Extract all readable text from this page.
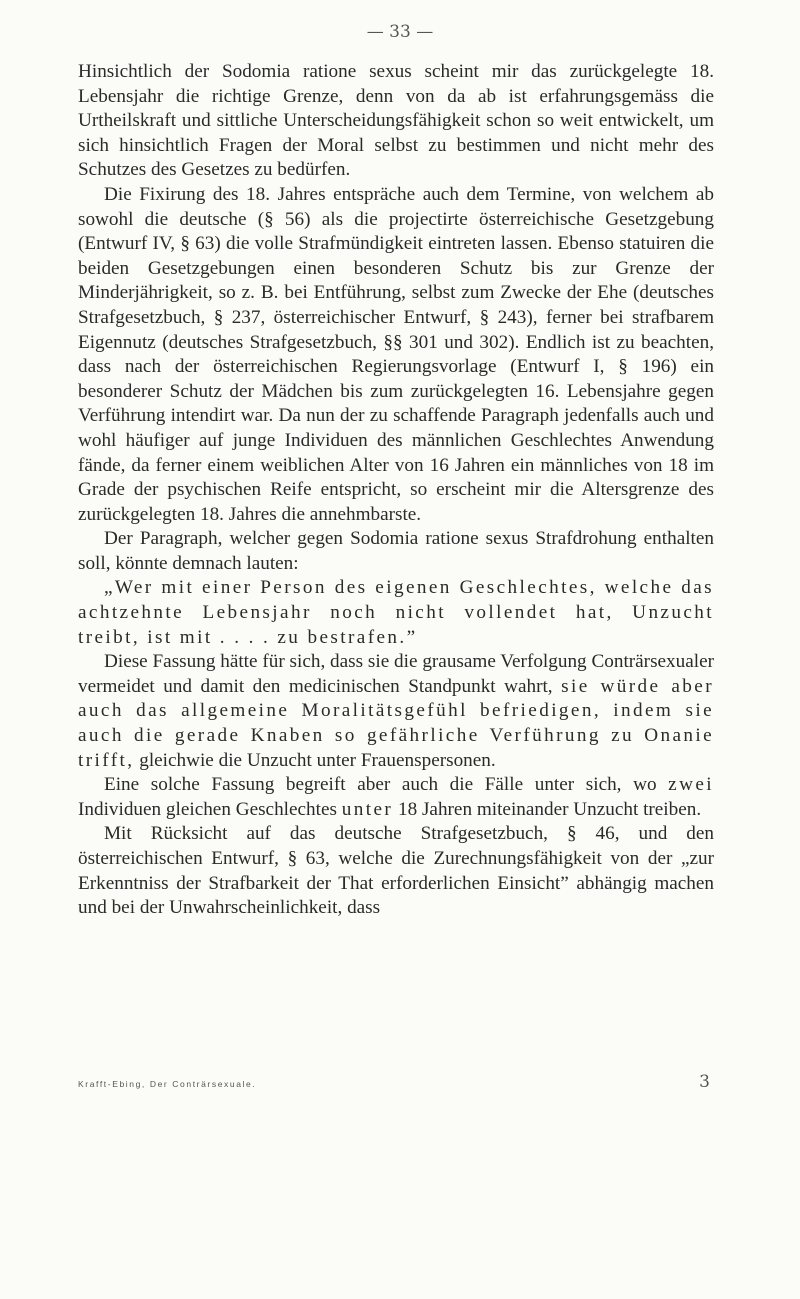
— 33 —

Hinsichtlich der Sodomia ratione sexus scheint mir das zurückgelegte 18. Lebensjahr die richtige Grenze, denn von da ab ist erfahrungsgemäss die Urtheilskraft und sittliche Unterscheidungsfähigkeit schon so weit entwickelt, um sich hinsichtlich Fragen der Moral selbst zu bestimmen und nicht mehr des Schutzes des Gesetzes zu bedürfen.

Die Fixirung des 18. Jahres entspräche auch dem Termine, von welchem ab sowohl die deutsche (§ 56) als die projectirte österreichische Gesetzgebung (Entwurf IV, § 63) die volle Strafmündigkeit eintreten lassen. Ebenso statuiren die beiden Gesetzgebungen einen besonderen Schutz bis zur Grenze der Minderjährigkeit, so z. B. bei Entführung, selbst zum Zwecke der Ehe (deutsches Strafgesetzbuch, § 237, österreichischer Entwurf, § 243), ferner bei strafbarem Eigennutz (deutsches Strafgesetzbuch, §§ 301 und 302). Endlich ist zu beachten, dass nach der österreichischen Regierungsvorlage (Entwurf I, § 196) ein besonderer Schutz der Mädchen bis zum zurückgelegten 16. Lebensjahre gegen Verführung intendirt war. Da nun der zu schaffende Paragraph jedenfalls auch und wohl häufiger auf junge Individuen des männlichen Geschlechtes Anwendung fände, da ferner einem weiblichen Alter von 16 Jahren ein männliches von 18 im Grade der psychischen Reife entspricht, so erscheint mir die Altersgrenze des zurückgelegten 18. Jahres die annehmbarste.

Der Paragraph, welcher gegen Sodomia ratione sexus Strafdrohung enthalten soll, könnte demnach lauten:

„Wer mit einer Person des eigenen Geschlechtes, welche das achtzehnte Lebensjahr noch nicht vollendet hat, Unzucht treibt, ist mit . . . . zu bestrafen.”

Diese Fassung hätte für sich, dass sie die grausame Verfolgung Conträrsexualer vermeidet und damit den medicinischen Standpunkt wahrt, sie würde aber auch das allgemeine Moralitätsgefühl befriedigen, indem sie auch die gerade Knaben so gefährliche Verführung zu Onanie trifft, gleichwie die Unzucht unter Frauenspersonen.

Eine solche Fassung begreift aber auch die Fälle unter sich, wo zwei Individuen gleichen Geschlechtes unter 18 Jahren miteinander Unzucht treiben.

Mit Rücksicht auf das deutsche Strafgesetzbuch, § 46, und den österreichischen Entwurf, § 63, welche die Zurechnungsfähigkeit von der „zur Erkenntniss der Strafbarkeit der That erforderlichen Einsicht” abhängig machen und bei der Unwahrscheinlichkeit, dass

Krafft-Ebing, Der Conträrsexuale.	3
